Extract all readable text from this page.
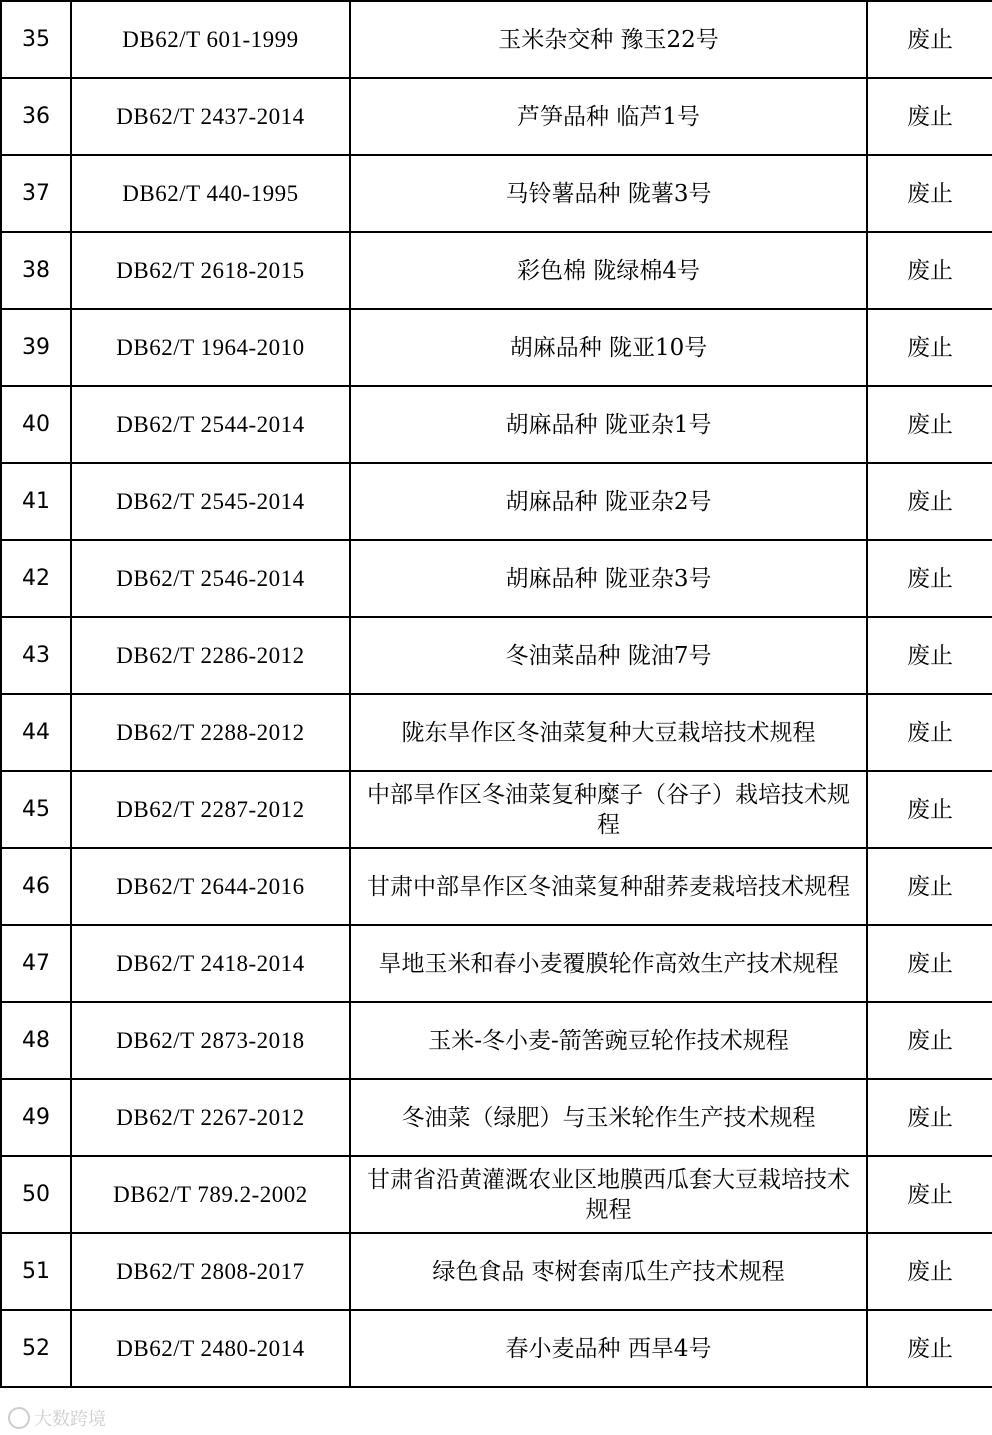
35	DB62/T 601-1999	玉米杂交种 豫玉22号	废止
36	DB62/T 2437-2014	芦笋品种 临芦1号	废止
37	DB62/T 440-1995	马铃薯品种 陇薯3号	废止
38	DB62/T 2618-2015	彩色棉 陇绿棉4号	废止
39	DB62/T 1964-2010	胡麻品种 陇亚10号	废止
40	DB62/T 2544-2014	胡麻品种 陇亚杂1号	废止
41	DB62/T 2545-2014	胡麻品种 陇亚杂2号	废止
42	DB62/T 2546-2014	胡麻品种 陇亚杂3号	废止
43	DB62/T 2286-2012	冬油菜品种 陇油7号	废止
44	DB62/T 2288-2012	陇东旱作区冬油菜复种大豆栽培技术规程	废止
45	DB62/T 2287-2012	中部旱作区冬油菜复种糜子（谷子）栽培技术规程	废止
46	DB62/T 2644-2016	甘肃中部旱作区冬油菜复种甜荞麦栽培技术规程	废止
47	DB62/T 2418-2014	旱地玉米和春小麦覆膜轮作高效生产技术规程	废止
48	DB62/T 2873-2018	玉米-冬小麦-箭筈豌豆轮作技术规程	废止
49	DB62/T 2267-2012	冬油菜（绿肥）与玉米轮作生产技术规程	废止
50	DB62/T 789.2-2002	甘肃省沿黄灌溉农业区地膜西瓜套大豆栽培技术规程	废止
51	DB62/T 2808-2017	绿色食品 枣树套南瓜生产技术规程	废止
52	DB62/T 2480-2014	春小麦品种 西旱4号	废止
大数跨境
